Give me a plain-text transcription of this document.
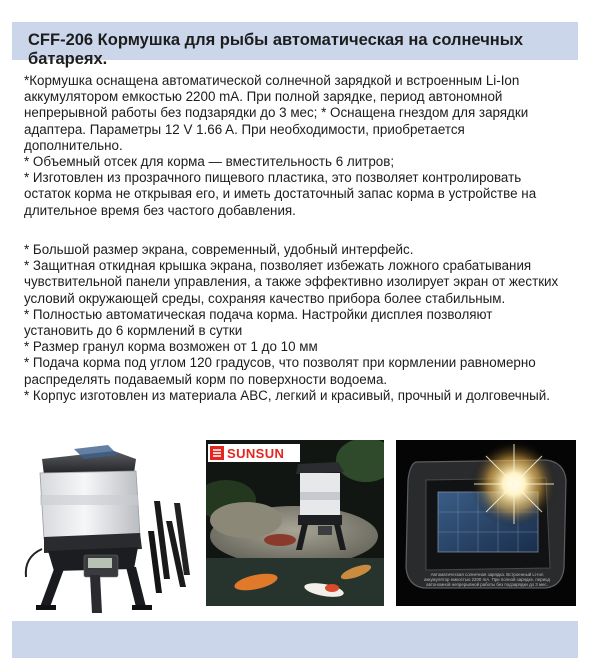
CFF-206 Кормушка для рыбы автоматическая на солнечных батареях.

*Кормушка оснащена автоматической солнечной зарядкой и встроенным Li-Ion

аккумулятором емкостью 2200 mA. При полной зарядке, период автономной

непрерывной работы без подзарядки до 3 мес; * Оснащена гнездом для зарядки

адаптера. Параметры 12 V 1.66 A. При необходимости, приобретается

дополнительно.

* Объемный отсек для корма — вместительность 6 литров;

* Изготовлен из прозрачного пищевого пластика, это позволяет контролировать

остаток корма не открывая его, и иметь достаточный запас корма в устройстве на

длительное время без частого добавления.

* Большой размер экрана, современный, удобный интерфейс.

* Защитная откидная крышка экрана, позволяет избежать ложного срабатывания

чувствительной панели управления, а также эффективно изолирует экран от жестких

условий окружающей среды, сохраняя качество прибора более стабильным.

* Полностью автоматическая подача корма. Настройки дисплея позволяют

установить до 6 кормлений в сутки

* Размер гранул корма возможен от 1 до 10 мм

* Подача корма под углом 120 градусов, что позволят при кормлении равномерно

распределять подаваемый корм по поверхности водоема.

* Корпус изготовлен из материала ABC, легкий и красивый, прочный и долговечный.

SUNSUN
Автоматическая солнечная зарядка. Встроенный Li-Ion аккумулятор емкостью 2200 mA. При полной зарядке, период автономной непрерывной работы без подзарядки до 3 мес.
